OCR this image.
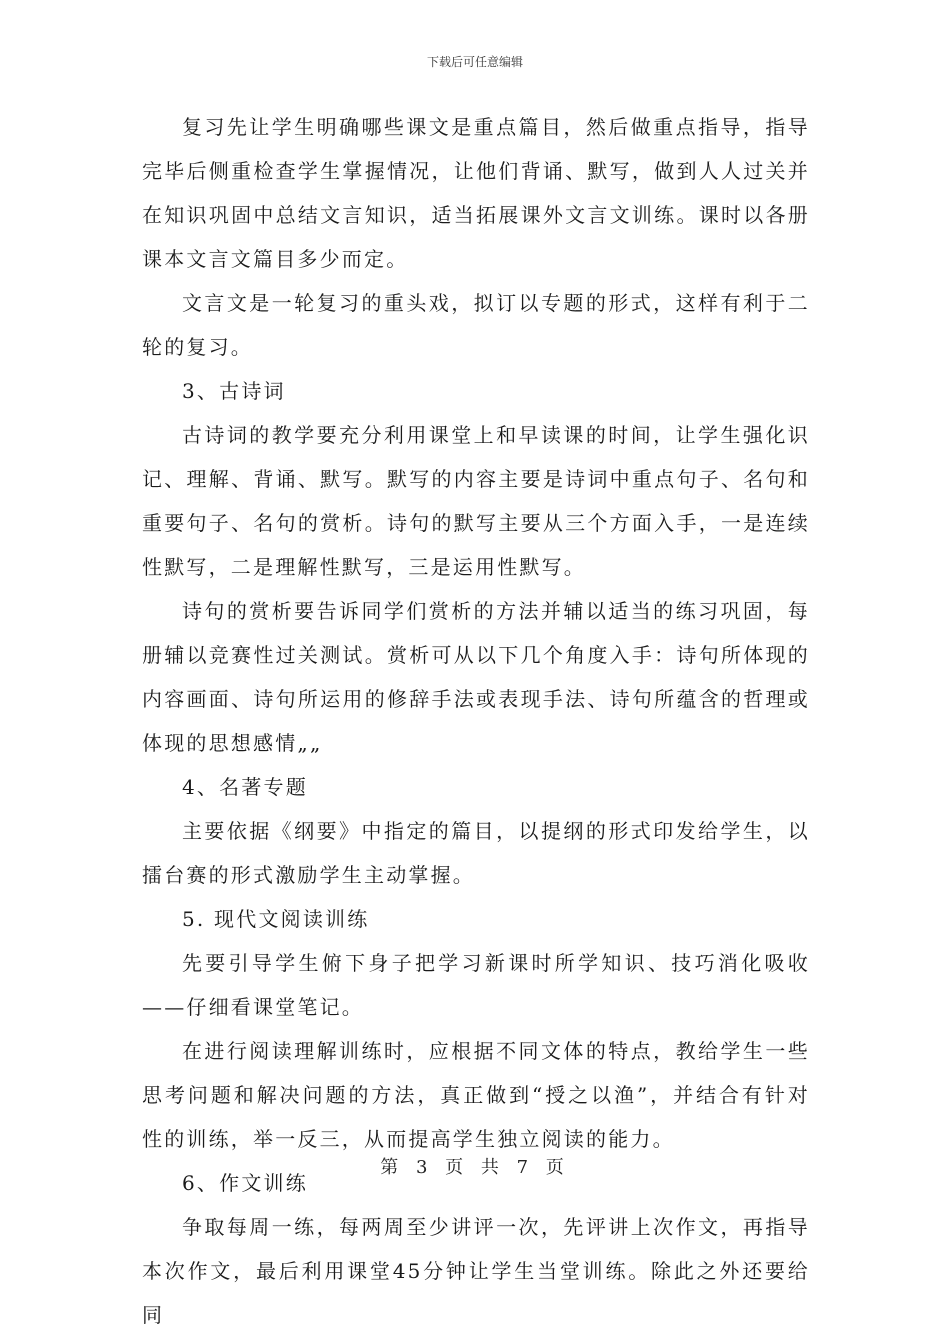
下载后可任意编辑

复习先让学生明确哪些课文是重点篇目，然后做重点指导，指导完毕后侧重检查学生掌握情况，让他们背诵、默写，做到人人过关并在知识巩固中总结文言知识，适当拓展课外文言文训练。课时以各册课本文言文篇目多少而定。

文言文是一轮复习的重头戏，拟订以专题的形式，这样有利于二轮的复习。

3、古诗词

古诗词的教学要充分利用课堂上和早读课的时间，让学生强化识记、理解、背诵、默写。默写的内容主要是诗词中重点句子、名句和重要句子、名句的赏析。诗句的默写主要从三个方面入手，一是连续性默写，二是理解性默写，三是运用性默写。

诗句的赏析要告诉同学们赏析的方法并辅以适当的练习巩固，每册辅以竞赛性过关测试。赏析可从以下几个角度入手：诗句所体现的内容画面、诗句所运用的修辞手法或表现手法、诗句所蕴含的哲理或体现的思想感情„„

4、名著专题

主要依据《纲要》中指定的篇目，以提纲的形式印发给学生，以擂台赛的形式激励学生主动掌握。

5. 现代文阅读训练

先要引导学生俯下身子把学习新课时所学知识、技巧消化吸收——仔细看课堂笔记。

在进行阅读理解训练时，应根据不同文体的特点，教给学生一些思考问题和解决问题的方法，真正做到“授之以渔”，并结合有针对性的训练，举一反三，从而提高学生独立阅读的能力。

6、作文训练

争取每周一练，每两周至少讲评一次，先评讲上次作文，再指导本次作文，最后利用课堂45分钟让学生当堂训练。除此之外还要给同

第 3 页 共 7 页
